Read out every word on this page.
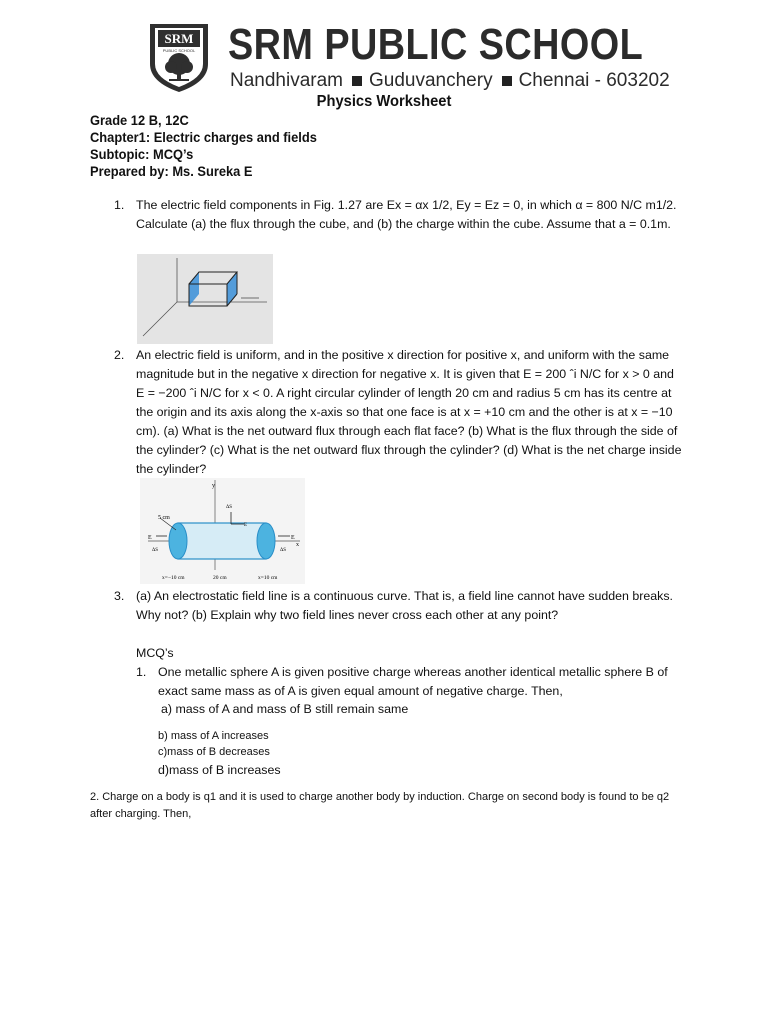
SRM
PUBLIC SCHOOL SRM PUBLIC SCHOOL
Nandhivaram Guduvanchery Chennai - 603202
Physics Worksheet
Grade 12 B, 12C
Chapter1: Electric charges and fields
Subtopic: MCQ’s
Prepared by: Ms. Sureka E
1. The electric field components in Fig. 1.27 are Ex = αx 1/2, Ey = Ez = 0, in which α = 800 N/C m1/2. Calculate (a) the flux through the cube, and (b) the charge within the cube. Assume that a = 0.1m.
2. An electric field is uniform, and in the positive x direction for positive x, and uniform with the same magnitude but in the negative x direction for negative x. It is given that E = 200 ˆi N/C for x > 0 and E = −200 ˆi N/C for x < 0. A right circular cylinder of length 20 cm and radius 5 cm has its centre at the origin and its axis along the x-axis so that one face is at x = +10 cm and the other is at x = −10 cm). (a) What is the net outward flux through each flat face? (b) What is the flux through the side of the cylinder? (c) What is the net outward flux through the cylinder? (d) What is the net charge inside the cylinder?
5 cm
y
x
ΔS
E
E
ΔS
E
ΔS
x=−10 cm	20 cm	x=10 cm
3. (a) An electrostatic field line is a continuous curve. That is, a field line cannot have sudden breaks. Why not? (b) Explain why two field lines never cross each other at any point?
MCQ’s
1. One metallic sphere A is given positive charge whereas another identical metallic sphere B of exact same mass as of A is given equal amount of negative charge. Then,
a) mass of A and mass of B still remain same
b) mass of A increases
c)mass of B decreases
d)mass of B increases
2. Charge on a body is q1 and it is used to charge another body by induction. Charge on second body is found to be q2 after charging. Then,
